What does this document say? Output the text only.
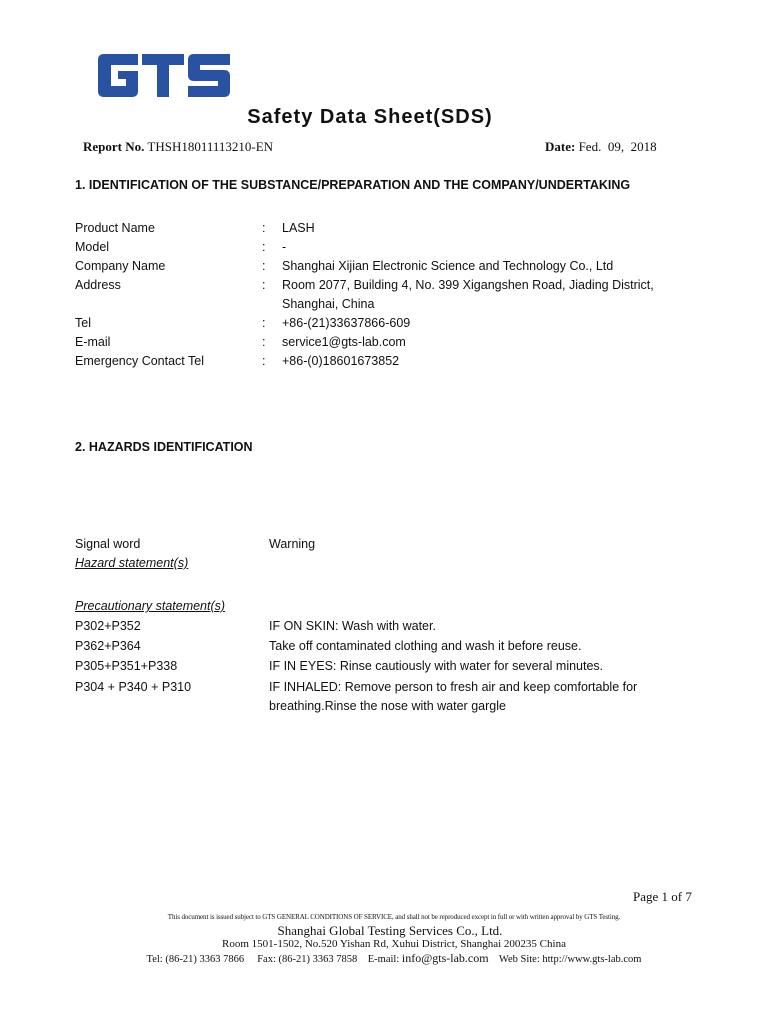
Safety Data Sheet(SDS)
Report No. THSH18011113210-EN	Date: Fed.  09,  2018
1. IDENTIFICATION OF THE SUBSTANCE/PREPARATION AND THE COMPANY/UNDERTAKING
Product Name	: LASH
Model	: -
Company Name	: Shanghai Xijian Electronic Science and Technology Co., Ltd
Address	: Room 2077, Building 4, No. 399 Xigangshen Road, Jiading District, Shanghai, China
Tel	: +86-(21)33637866-609
E-mail	: service1@gts-lab.com
Emergency Contact Tel	: +86-(0)18601673852
2. HAZARDS IDENTIFICATION
Signal word	Warning
Hazard statement(s)
Precautionary statement(s)
P302+P352	IF ON SKIN: Wash with water.
P362+P364	Take off contaminated clothing and wash it before reuse.
P305+P351+P338	IF IN EYES: Rinse cautiously with water for several minutes.
P304 + P340 + P310	IF INHALED: Remove person to fresh air and keep comfortable for breathing.Rinse the nose with water gargle
Page 1 of 7
This document is issued subject to GTS GENERAL CONDITIONS OF SERVICE, and shall not be reproduced except in full or with written approval by GTS Testing.
Shanghai Global Testing Services Co., Ltd.
Room 1501-1502, No.520 Yishan Rd, Xuhui District, Shanghai 200235 China
Tel: (86-21) 3363 7866 Fax: (86-21) 3363 7858 E-mail: info@gts-lab.com Web Site: http://www.gts-lab.com
